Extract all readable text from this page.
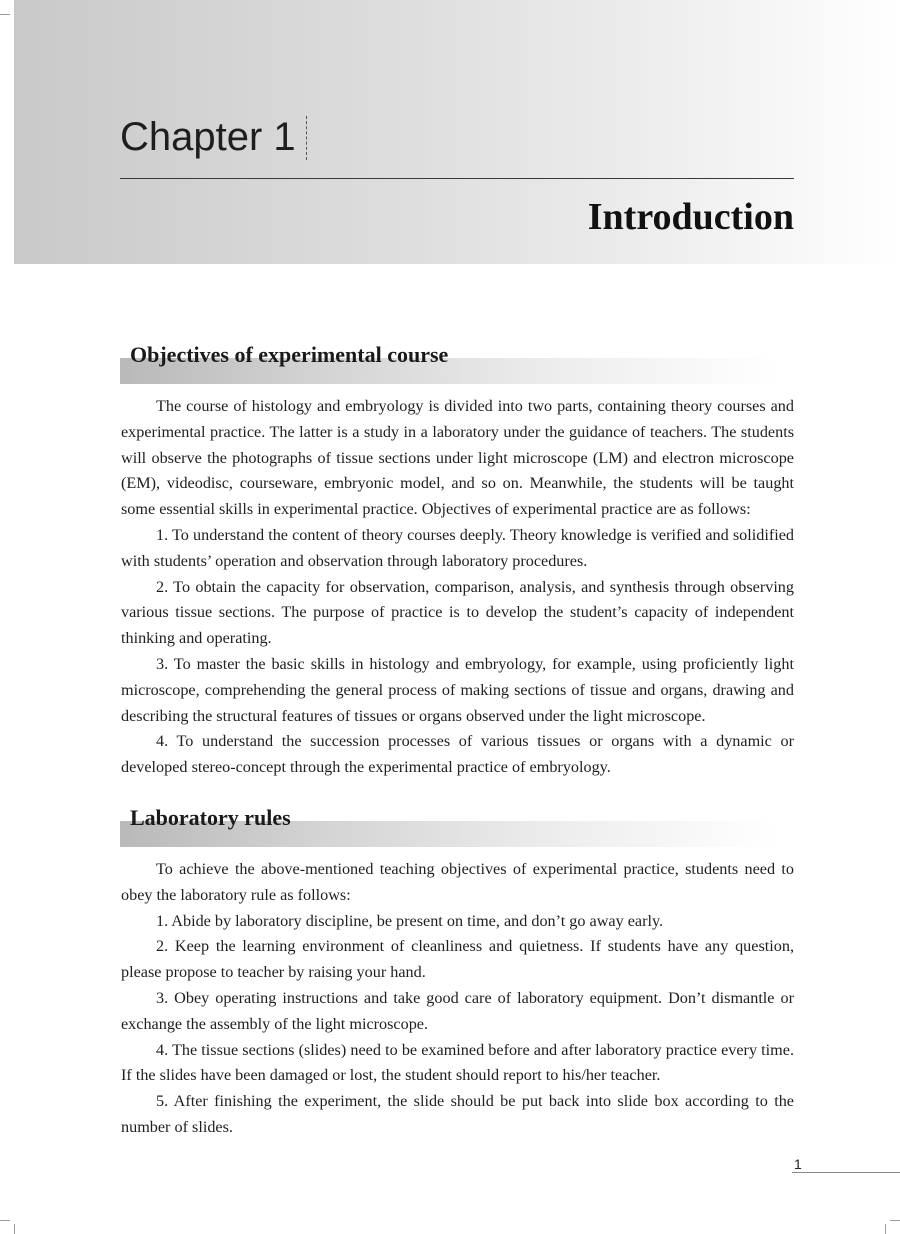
Chapter 1
Introduction
Objectives of experimental course

The course of histology and embryology is divided into two parts, containing theory courses and experimental practice. The latter is a study in a laboratory under the guidance of teachers. The students will observe the photographs of tissue sections under light microscope (LM) and electron microscope (EM), videodisc, courseware, embryonic model, and so on. Meanwhile, the students will be taught some essential skills in experimental practice. Objectives of experimental practice are as follows:

1. To understand the content of theory courses deeply. Theory knowledge is verified and solidified with students’ operation and observation through laboratory procedures.

2. To obtain the capacity for observation, comparison, analysis, and synthesis through observing various tissue sections. The purpose of practice is to develop the student’s capacity of independent thinking and operating.

3. To master the basic skills in histology and embryology, for example, using proficiently light microscope, comprehending the general process of making sections of tissue and organs, drawing and describing the structural features of tissues or organs observed under the light microscope.

4. To understand the succession processes of various tissues or organs with a dynamic or developed stereo-concept through the experimental practice of embryology.

Laboratory rules

To achieve the above-mentioned teaching objectives of experimental practice, students need to obey the laboratory rule as follows:

1. Abide by laboratory discipline, be present on time, and don’t go away early.

2. Keep the learning environment of cleanliness and quietness. If students have any question, please propose to teacher by raising your hand.

3. Obey operating instructions and take good care of laboratory equipment. Don’t dismantle or exchange the assembly of the light microscope.

4. The tissue sections (slides) need to be examined before and after laboratory practice every time. If the slides have been damaged or lost, the student should report to his/her teacher.

5. After finishing the experiment, the slide should be put back into slide box according to the number of slides.

1
